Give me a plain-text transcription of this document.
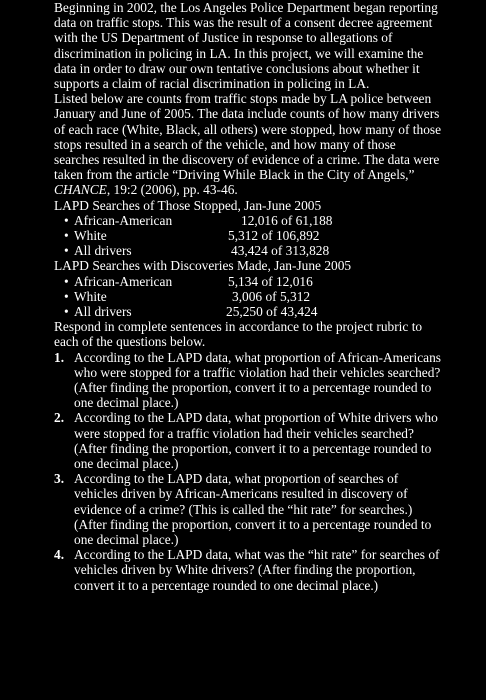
Beginning in 2002, the Los Angeles Police Department began reporting data on traffic stops. This was the result of a consent decree agreement with the US Department of Justice in response to allegations of discrimination in policing in LA. In this project, we will examine the data in order to draw our own tentative conclusions about whether it supports a claim of racial discrimination in policing in LA.

Listed below are counts from traffic stops made by LA police between January and June of 2005. The data include counts of how many drivers of each race (White, Black, all others) were stopped, how many of those stops resulted in a search of the vehicle, and how many of those searches resulted in the discovery of evidence of a crime. The data were taken from the article “Driving While Black in the City of Angels,” CHANCE, 19:2 (2006), pp. 43-46.

LAPD Searches of Those Stopped, Jan-June 2005

• African-American	12,016 of 61,188
• White	5,312 of 106,892
• All drivers	43,424 of 313,828

LAPD Searches with Discoveries Made, Jan-June 2005

• African-American	5,134 of 12,016
• White	3,006 of 5,312
• All drivers	25,250 of 43,424

Respond in complete sentences in accordance to the project rubric to each of the questions below.

1. According to the LAPD data, what proportion of African-Americans who were stopped for a traffic violation had their vehicles searched? (After finding the proportion, convert it to a percentage rounded to one decimal place.)
2. According to the LAPD data, what proportion of White drivers who were stopped for a traffic violation had their vehicles searched? (After finding the proportion, convert it to a percentage rounded to one decimal place.)
3. According to the LAPD data, what proportion of searches of vehicles driven by African-Americans resulted in discovery of evidence of a crime? (This is called the “hit rate” for searches.) (After finding the proportion, convert it to a percentage rounded to one decimal place.)
4. According to the LAPD data, what was the “hit rate” for searches of vehicles driven by White drivers? (After finding the proportion, convert it to a percentage rounded to one decimal place.)
